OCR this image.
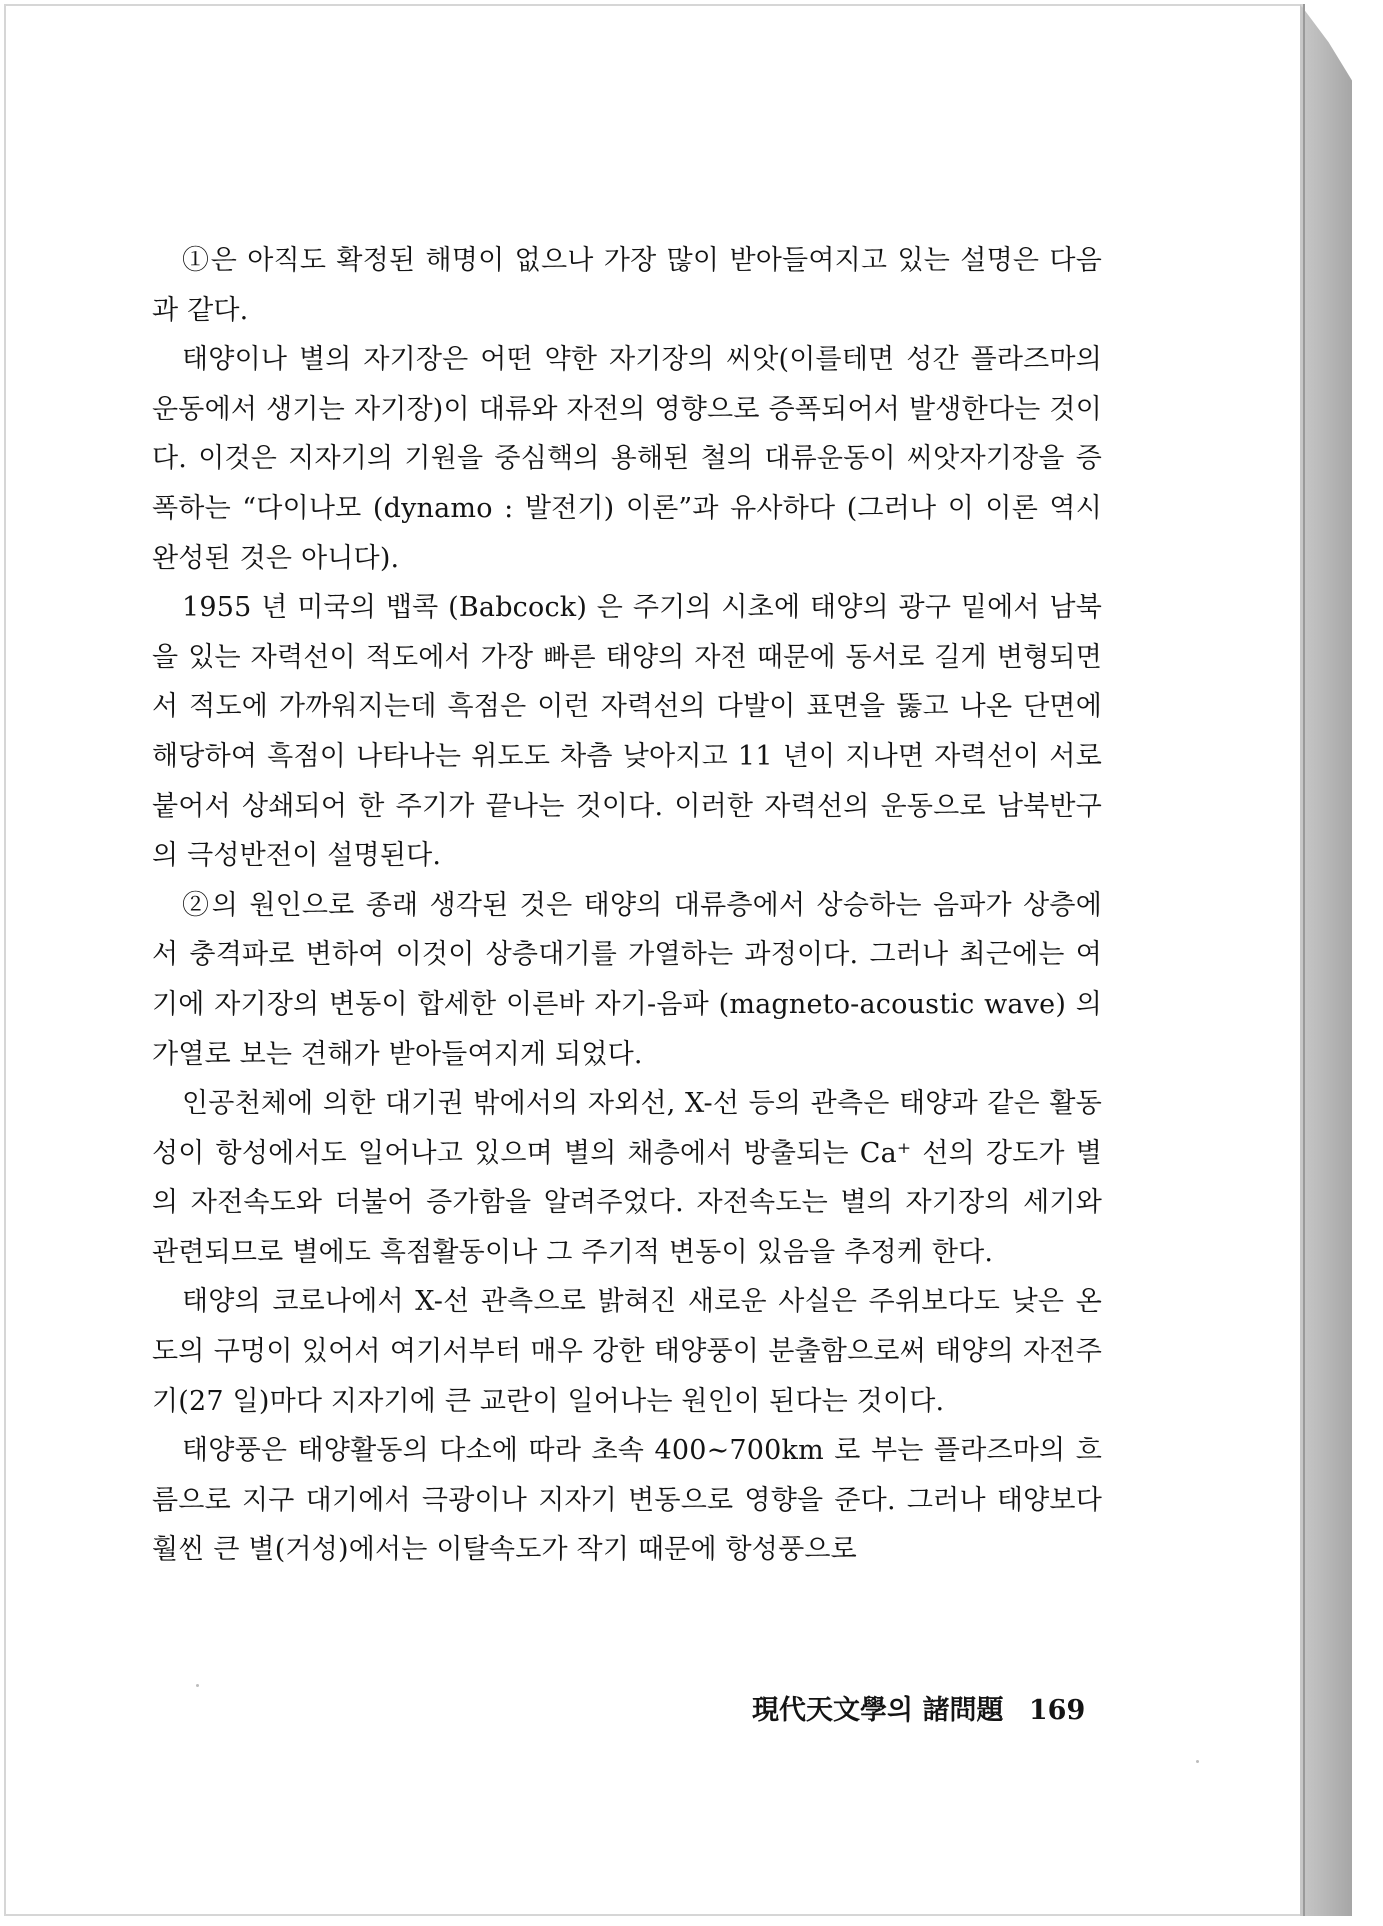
①은 아직도 확정된 해명이 없으나 가장 많이 받아들여지고 있는 설명은 다음과 같다.

태양이나 별의 자기장은 어떤 약한 자기장의 씨앗(이를테면 성간 플라즈마의 운동에서 생기는 자기장)이 대류와 자전의 영향으로 증폭되어서 발생한다는 것이다. 이것은 지자기의 기원을 중심핵의 용해된 철의 대류운동이 씨앗자기장을 증폭하는 “다이나모 (dynamo : 발전기) 이론”과 유사하다 (그러나 이 이론 역시 완성된 것은 아니다).

1955 년 미국의 뱁콕 (Babcock) 은 주기의 시초에 태양의 광구 밑에서 남북을 있는 자력선이 적도에서 가장 빠른 태양의 자전 때문에 동서로 길게 변형되면서 적도에 가까워지는데 흑점은 이런 자력선의 다발이 표면을 뚫고 나온 단면에 해당하여 흑점이 나타나는 위도도 차츰 낮아지고 11 년이 지나면 자력선이 서로 붙어서 상쇄되어 한 주기가 끝나는 것이다. 이러한 자력선의 운동으로 남북반구의 극성반전이 설명된다.

②의 원인으로 종래 생각된 것은 태양의 대류층에서 상승하는 음파가 상층에서 충격파로 변하여 이것이 상층대기를 가열하는 과정이다. 그러나 최근에는 여기에 자기장의 변동이 합세한 이른바 자기-음파 (magneto-acoustic wave) 의 가열로 보는 견해가 받아들여지게 되었다.

인공천체에 의한 대기권 밖에서의 자외선, X-선 등의 관측은 태양과 같은 활동성이 항성에서도 일어나고 있으며 별의 채층에서 방출되는 Ca⁺ 선의 강도가 별의 자전속도와 더불어 증가함을 알려주었다. 자전속도는 별의 자기장의 세기와 관련되므로 별에도 흑점활동이나 그 주기적 변동이 있음을 추정케 한다.

태양의 코로나에서 X-선 관측으로 밝혀진 새로운 사실은 주위보다도 낮은 온도의 구멍이 있어서 여기서부터 매우 강한 태양풍이 분출함으로써 태양의 자전주기(27 일)마다 지자기에 큰 교란이 일어나는 원인이 된다는 것이다.

태양풍은 태양활동의 다소에 따라 초속 400∼700km 로 부는 플라즈마의 흐름으로 지구 대기에서 극광이나 지자기 변동으로 영향을 준다. 그러나 태양보다 훨씬 큰 별(거성)에서는 이탈속도가 작기 때문에 항성풍으로

現代天文學의 諸問題 169
